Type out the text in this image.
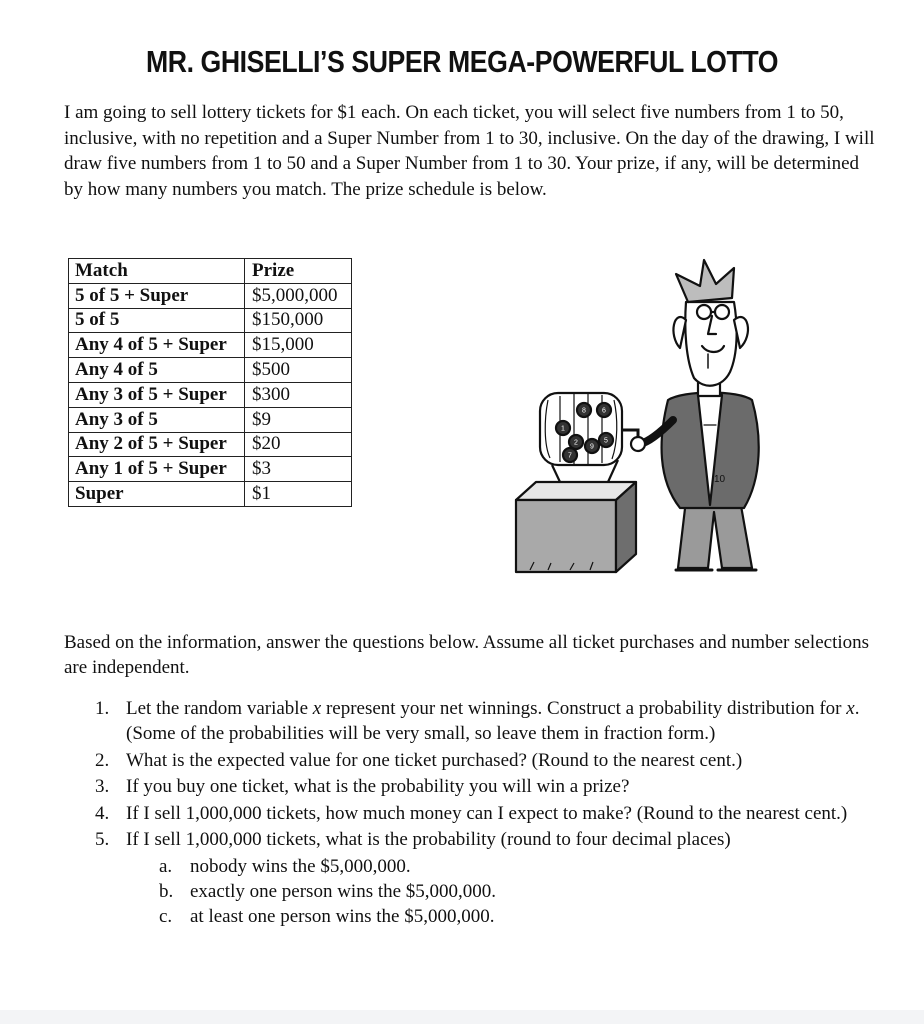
MR. GHISELLI’S SUPER MEGA-POWERFUL LOTTO
I am going to sell lottery tickets for $1 each. On each ticket, you will select five numbers from 1 to 50, inclusive, with no repetition and a Super Number from 1 to 30, inclusive. On the day of the drawing, I will draw five numbers from 1 to 50 and a Super Number from 1 to 30. Your prize, if any, will be determined by how many numbers you match. The prize schedule is below.
Match	Prize
5 of 5 + Super	$5,000,000
5 of 5	$150,000
Any 4 of 5 + Super	$15,000
Any 4 of 5	$500
Any 3 of 5 + Super	$300
Any 3 of 5	$9
Any 2 of 5 + Super	$20
Any 1 of 5 + Super	$3
Super	$1
6
2
8
1
9
5
7
10
Based on the information, answer the questions below. Assume all ticket purchases and number selections are independent.
1. Let the random variable x represent your net winnings. Construct a probability distribution for x. (Some of the probabilities will be very small, so leave them in fraction form.)
2. What is the expected value for one ticket purchased? (Round to the nearest cent.)
3. If you buy one ticket, what is the probability you will win a prize?
4. If I sell 1,000,000 tickets, how much money can I expect to make? (Round to the nearest cent.)
5. If I sell 1,000,000 tickets, what is the probability (round to four decimal places)
a. nobody wins the $5,000,000.
b. exactly one person wins the $5,000,000.
c. at least one person wins the $5,000,000.
